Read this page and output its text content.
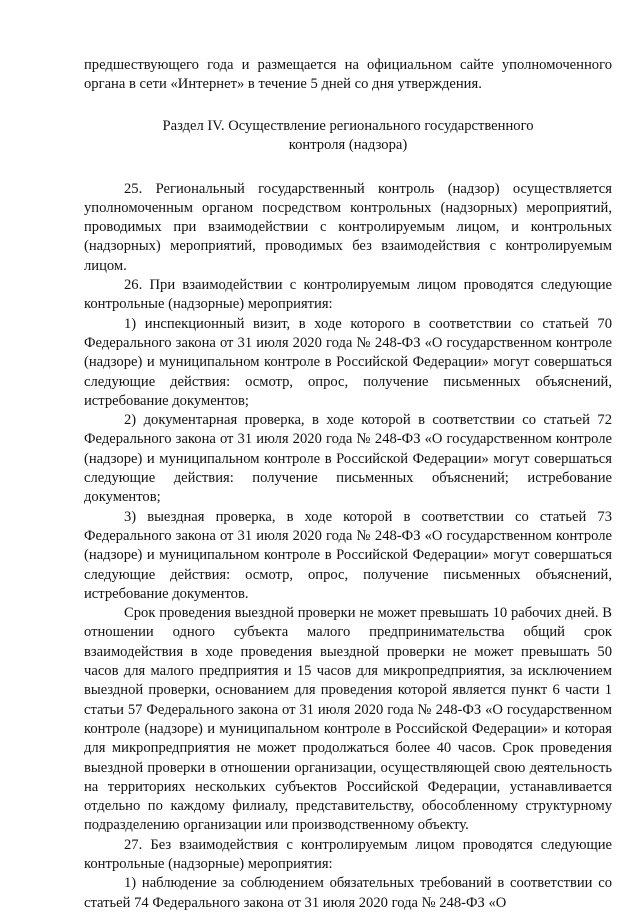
предшествующего года и размещается на официальном сайте уполномоченного органа в сети «Интернет» в течение 5 дней со дня утверждения.

Раздел IV. Осуществление регионального государственного
контроля (надзора)

25. Региональный государственный контроль (надзор) осуществляется уполномоченным органом посредством контрольных (надзорных) мероприятий, проводимых при взаимодействии с контролируемым лицом, и контрольных (надзорных) мероприятий, проводимых без взаимодействия с контролируемым лицом.

26. При взаимодействии с контролируемым лицом проводятся следующие контрольные (надзорные) мероприятия:

1) инспекционный визит, в ходе которого в соответствии со статьей 70 Федерального закона от 31 июля 2020 года № 248-ФЗ «О государственном контроле (надзоре) и муниципальном контроле в Российской Федерации» могут совершаться следующие действия: осмотр, опрос, получение письменных объяснений, истребование документов;

2) документарная проверка, в ходе которой в соответствии со статьей 72 Федерального закона от 31 июля 2020 года № 248-ФЗ «О государственном контроле (надзоре) и муниципальном контроле в Российской Федерации» могут совершаться следующие действия: получение письменных объяснений; истребование документов;

3) выездная проверка, в ходе которой в соответствии со статьей 73 Федерального закона от 31 июля 2020 года № 248-ФЗ «О государственном контроле (надзоре) и муниципальном контроле в Российской Федерации» могут совершаться следующие действия: осмотр, опрос, получение письменных объяснений, истребование документов.

Срок проведения выездной проверки не может превышать 10 рабочих дней. В отношении одного субъекта малого предпринимательства общий срок взаимодействия в ходе проведения выездной проверки не может превышать 50 часов для малого предприятия и 15 часов для микропредприятия, за исключением выездной проверки, основанием для проведения которой является пункт 6 части 1 статьи 57 Федерального закона от 31 июля 2020 года № 248-ФЗ «О государственном контроле (надзоре) и муниципальном контроле в Российской Федерации» и которая для микропредприятия не может продолжаться более 40 часов. Срок проведения выездной проверки в отношении организации, осуществляющей свою деятельность на территориях нескольких субъектов Российской Федерации, устанавливается отдельно по каждому филиалу, представительству, обособленному структурному подразделению организации или производственному объекту.

27. Без взаимодействия с контролируемым лицом проводятся следующие контрольные (надзорные) мероприятия:

1) наблюдение за соблюдением обязательных требований в соответствии со статьей 74 Федерального закона от 31 июля 2020 года № 248-ФЗ «О
